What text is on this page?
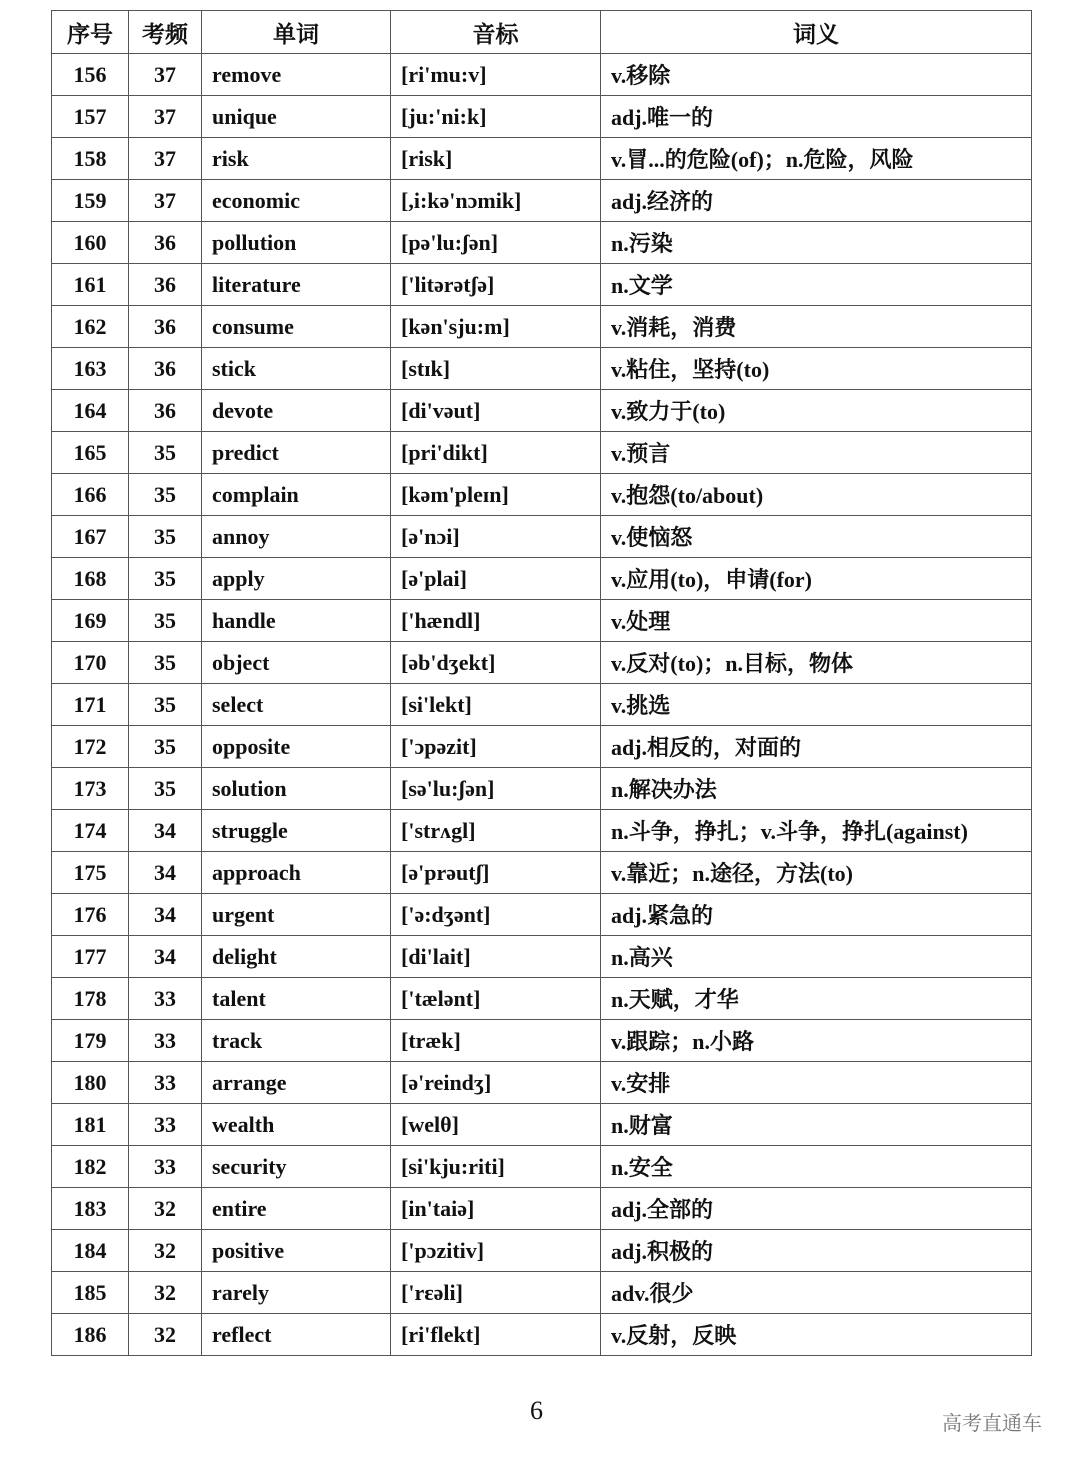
序号	考频	单词	音标	词义
156	37	remove	[ri'mu:v]	v.移除
157	37	unique	[ju:'ni:k]	adj.唯一的
158	37	risk	[risk]	v.冒...的危险(of)；n.危险，风险
159	37	economic	[,i:kə'nɔmik]	adj.经济的
160	36	pollution	[pə'lu:ʃən]	n.污染
161	36	literature	['litərətʃə]	n.文学
162	36	consume	[kən'sju:m]	v.消耗，消费
163	36	stick	[stɪk]	v.粘住，坚持(to)
164	36	devote	[di'vəut]	v.致力于(to)
165	35	predict	[pri'dikt]	v.预言
166	35	complain	[kəm'pleɪn]	v.抱怨(to/about)
167	35	annoy	[ə'nɔi]	v.使恼怒
168	35	apply	[ə'plai]	v.应用(to)，申请(for)
169	35	handle	['hændl]	v.处理
170	35	object	[əb'dʒekt]	v.反对(to)；n.目标，物体
171	35	select	[si'lekt]	v.挑选
172	35	opposite	['ɔpəzit]	adj.相反的，对面的
173	35	solution	[sə'lu:ʃən]	n.解决办法
174	34	struggle	['strʌgl]	n.斗争，挣扎；v.斗争，挣扎(against)
175	34	approach	[ə'prəutʃ]	v.靠近；n.途径，方法(to)
176	34	urgent	['ə:dʒənt]	adj.紧急的
177	34	delight	[di'lait]	n.高兴
178	33	talent	['tælənt]	n.天赋，才华
179	33	track	[træk]	v.跟踪；n.小路
180	33	arrange	[ə'reindʒ]	v.安排
181	33	wealth	[welθ]	n.财富
182	33	security	[si'kju:riti]	n.安全
183	32	entire	[in'taiə]	adj.全部的
184	32	positive	['pɔzitiv]	adj.积极的
185	32	rarely	['rɛəli]	adv.很少
186	32	reflect	[ri'flekt]	v.反射，反映
6	高考直通车
